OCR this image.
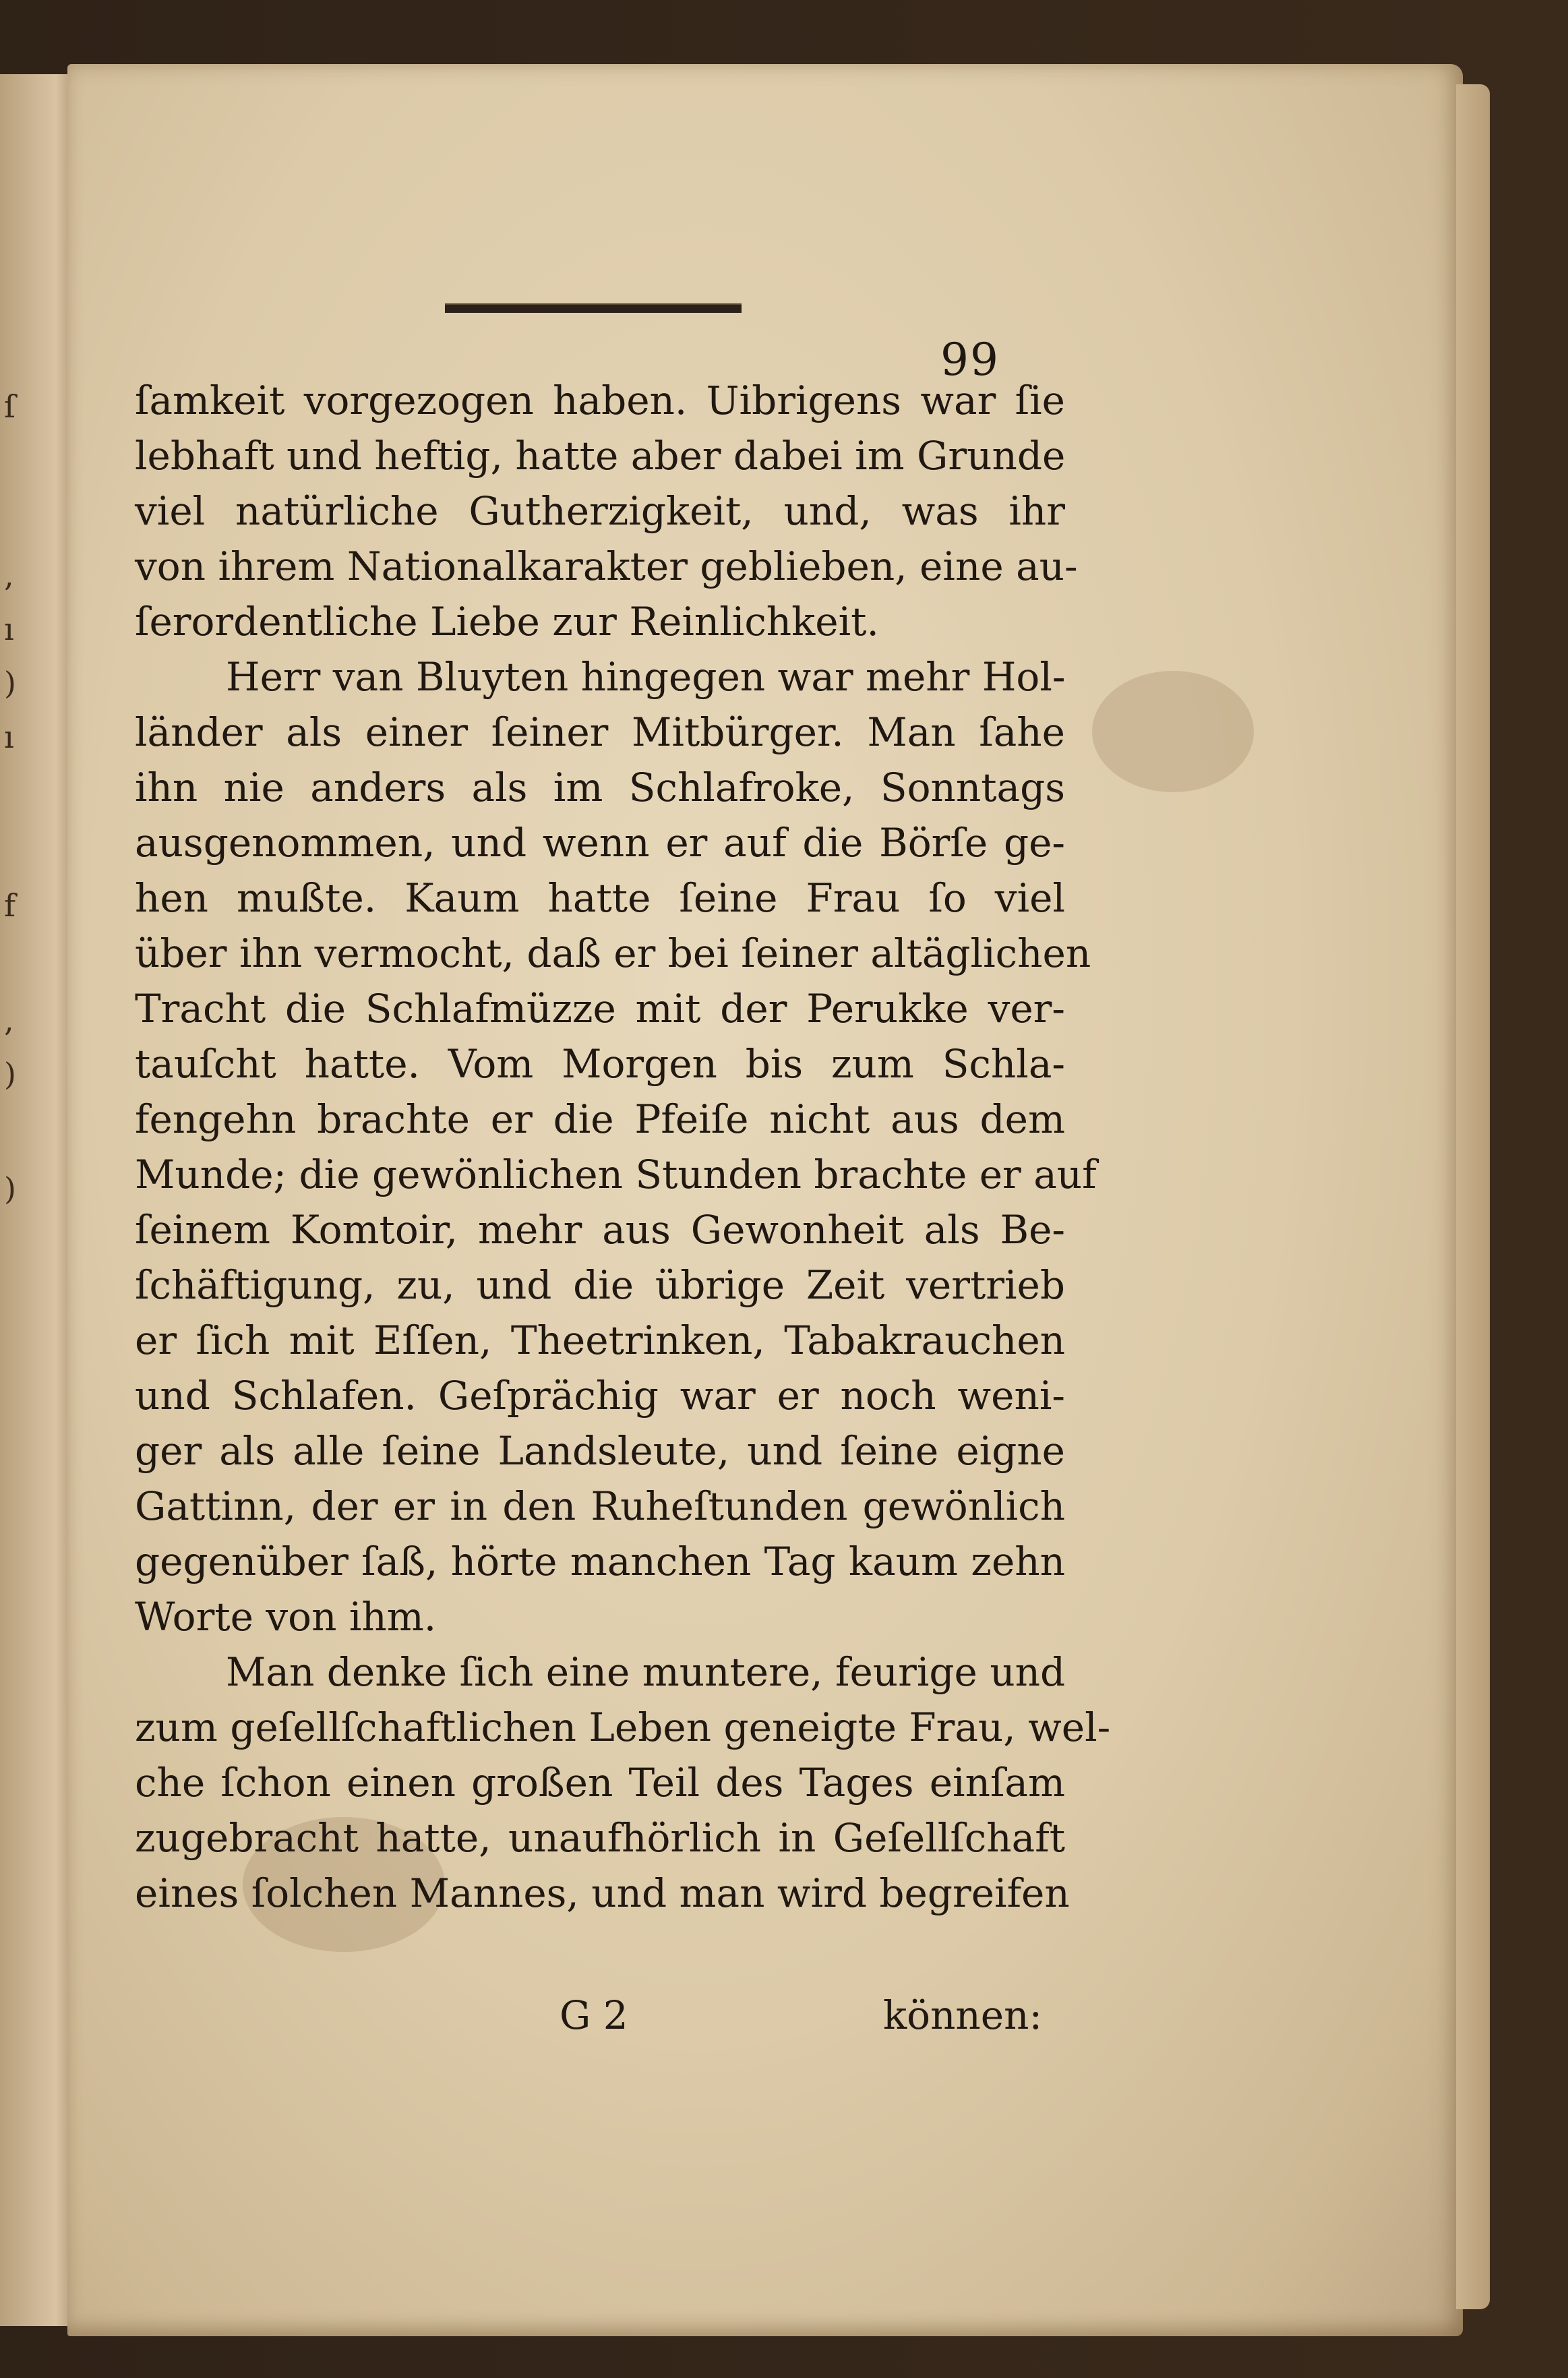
ſ
,
ı
)
ı
f
,
)
)
99
ſamkeit vorgezogen haben. Uibrigens war ſie
lebhaft und heftig, hatte aber dabei im Grunde
viel natürliche Gutherzigkeit, und, was ihr
von ihrem Nationalkarakter geblieben, eine au-
ſerordentliche Liebe zur Reinlichkeit.
Herr van Bluyten hingegen war mehr Hol-
länder als einer ſeiner Mitbürger. Man ſahe
ihn nie anders als im Schlafroke, Sonntags
ausgenommen, und wenn er auf die Börſe ge-
hen mußte. Kaum hatte ſeine Frau ſo viel
über ihn vermocht, daß er bei ſeiner altäglichen
Tracht die Schlafmüzze mit der Perukke ver-
tauſcht hatte. Vom Morgen bis zum Schla-
fengehn brachte er die Pfeiſe nicht aus dem
Munde; die gewönlichen Stunden brachte er auf
ſeinem Komtoir, mehr aus Gewonheit als Be-
ſchäftigung, zu, und die übrige Zeit vertrieb
er ſich mit Eſſen, Theetrinken, Tabakrauchen
und Schlafen. Geſprächig war er noch weni-
ger als alle ſeine Landsleute, und ſeine eigne
Gattinn, der er in den Ruheſtunden gewönlich
gegenüber ſaß, hörte manchen Tag kaum zehn
Worte von ihm.
Man denke ſich eine muntere, feurige und
zum geſellſchaftlichen Leben geneigte Frau, wel-
che ſchon einen großen Teil des Tages einſam
zugebracht hatte, unaufhörlich in Geſellſchaft
eines ſolchen Mannes, und man wird begreifen
G 2	können:
